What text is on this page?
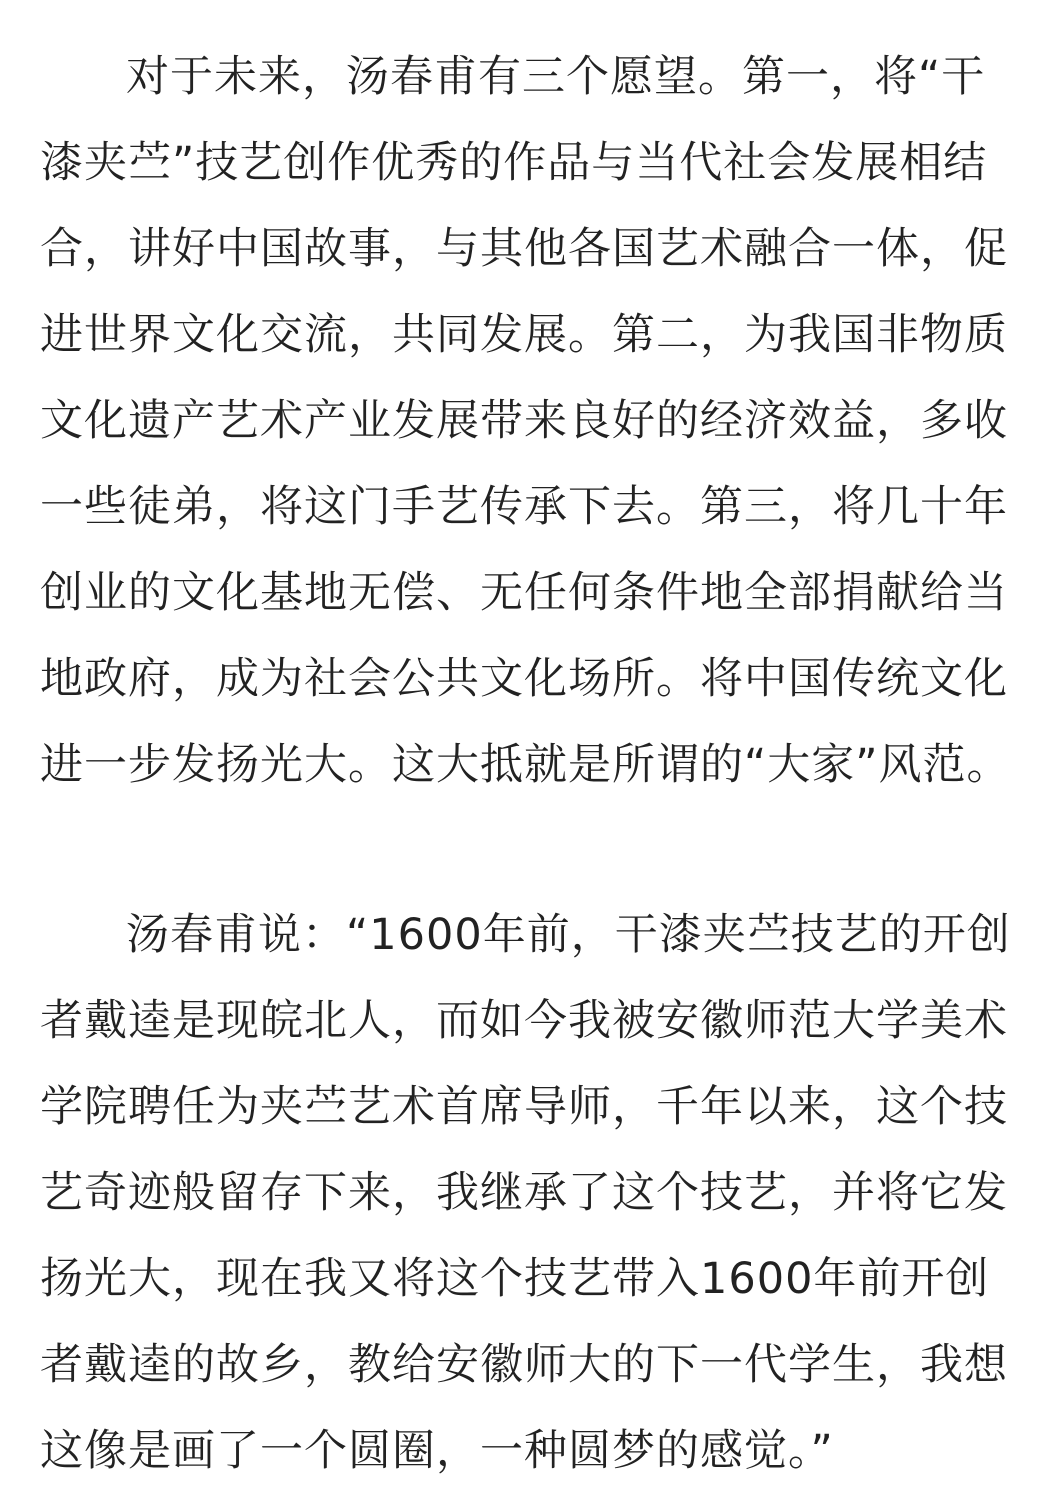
对于未来，汤春甫有三个愿望。第一，将“干
漆夹苎”技艺创作优秀的作品与当代社会发展相结
合，讲好中国故事，与其他各国艺术融合一体，促
进世界文化交流，共同发展。第二，为我国非物质
文化遗产艺术产业发展带来良好的经济效益，多收
一些徒弟，将这门手艺传承下去。第三，将几十年
创业的文化基地无偿、无任何条件地全部捐献给当
地政府，成为社会公共文化场所。将中国传统文化
进一步发扬光大。这大抵就是所谓的“大家”风范。
汤春甫说：“1600年前，干漆夹苎技艺的开创
者戴逵是现皖北人，而如今我被安徽师范大学美术
学院聘任为夹苎艺术首席导师，千年以来，这个技
艺奇迹般留存下来，我继承了这个技艺，并将它发
扬光大，现在我又将这个技艺带入1600年前开创
者戴逵的故乡，教给安徽师大的下一代学生，我想
这像是画了一个圆圈，一种圆梦的感觉。”
